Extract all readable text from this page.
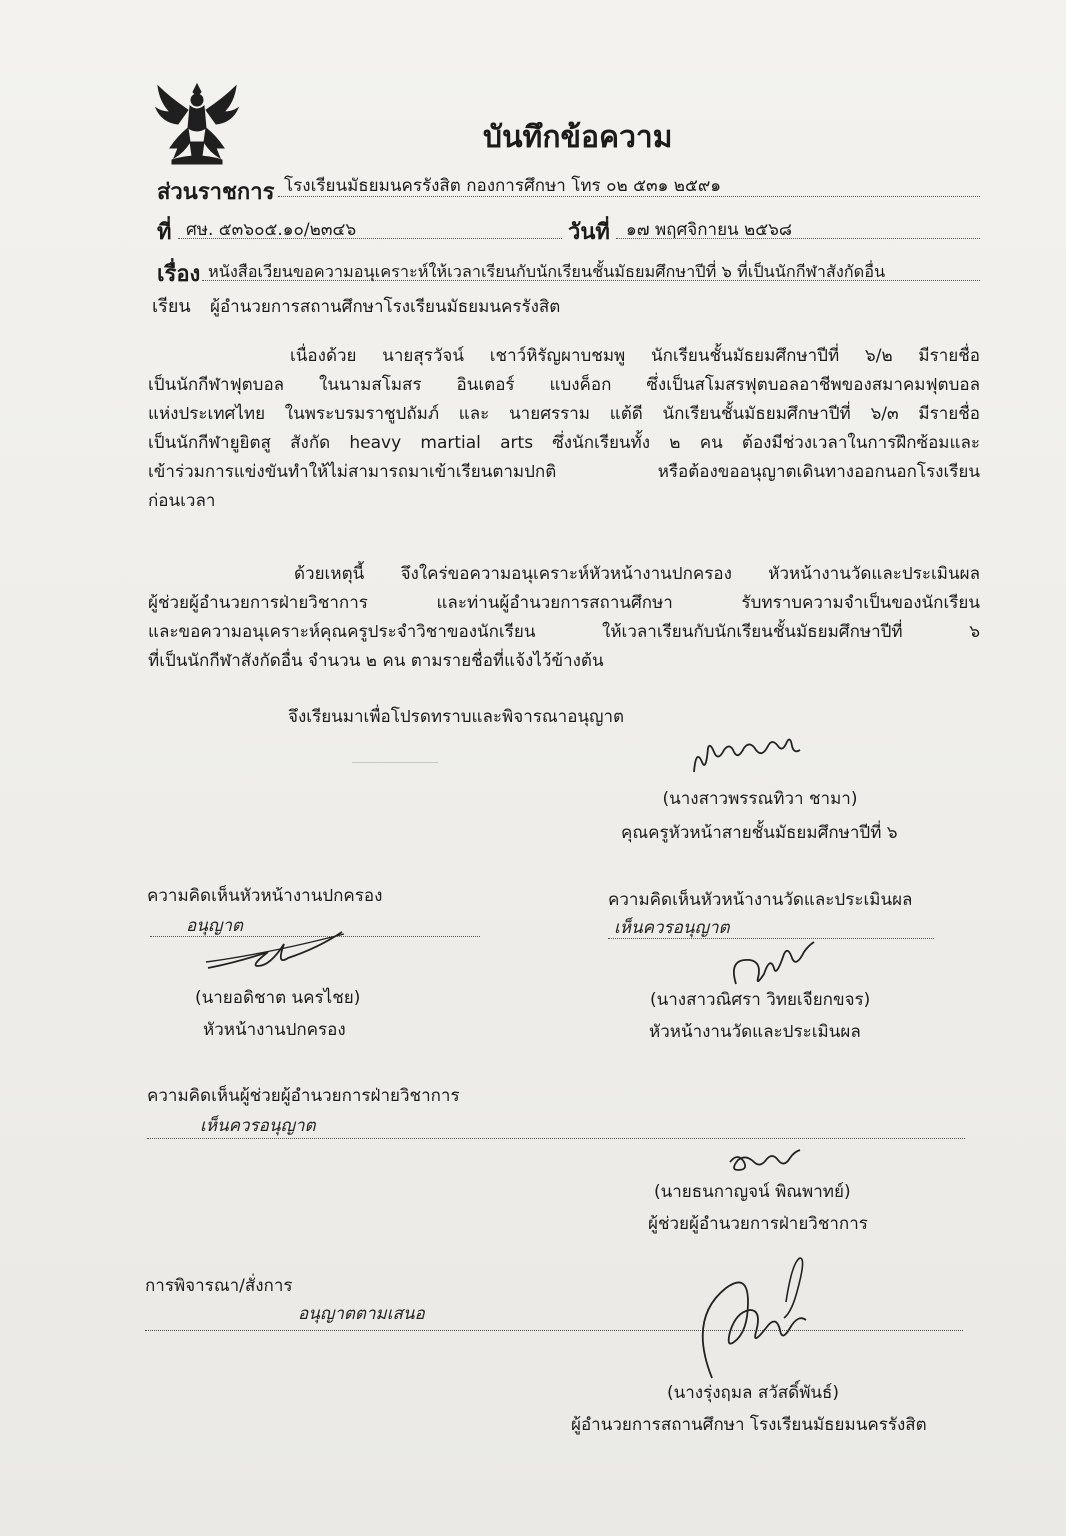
บันทึกข้อความ
ส่วนราชการ โรงเรียนมัธยมนครรังสิต กองการศึกษา โทร ๐๒ ๕๓๑ ๒๕๙๑
ที่ ศษ. ๕๓๖๐๕.๑๐/๒๓๔๖	วันที่ ๑๗ พฤศจิกายน ๒๕๖๘
เรื่อง หนังสือเวียนขอความอนุเคราะห์ให้เวลาเรียนกับนักเรียนชั้นมัธยมศึกษาปีที่ ๖ ที่เป็นนักกีฬาสังกัดอื่น
เรียน ผู้อำนวยการสถานศึกษาโรงเรียนมัธยมนครรังสิต
เนื่องด้วย นายสุรวัจน์ เชาว์หิรัญผาบชมพู นักเรียนชั้นมัธยมศึกษาปีที่ ๖/๒ มีรายชื่อ
เป็นนักกีฬาฟุตบอล ในนามสโมสร อินเตอร์ แบงค็อก ซึ่งเป็นสโมสรฟุตบอลอาชีพของสมาคมฟุตบอล
แห่งประเทศไทย ในพระบรมราชูปถัมภ์ และ นายศรราม แต้ดี นักเรียนชั้นมัธยมศึกษาปีที่ ๖/๓ มีรายชื่อ
เป็นนักกีฬายูยิตสู สังกัด heavy martial arts ซึ่งนักเรียนทั้ง ๒ คน ต้องมีช่วงเวลาในการฝึกซ้อมและ
เข้าร่วมการแข่งขันทำให้ไม่สามารถมาเข้าเรียนตามปกติ หรือต้องขออนุญาตเดินทางออกนอกโรงเรียน
ก่อนเวลา
ด้วยเหตุนี้ จึงใคร่ขอความอนุเคราะห์หัวหน้างานปกครอง หัวหน้างานวัดและประเมินผล
ผู้ช่วยผู้อำนวยการฝ่ายวิชาการ และท่านผู้อำนวยการสถานศึกษา รับทราบความจำเป็นของนักเรียน
และขอความอนุเคราะห์คุณครูประจำวิชาของนักเรียน ให้เวลาเรียนกับนักเรียนชั้นมัธยมศึกษาปีที่ ๖
ที่เป็นนักกีฬาสังกัดอื่น จำนวน ๒ คน ตามรายชื่อที่แจ้งไว้ข้างต้น
จึงเรียนมาเพื่อโปรดทราบและพิจารณาอนุญาต
(นางสาวพรรณทิวา ชามา)
คุณครูหัวหน้าสายชั้นมัธยมศึกษาปีที่ ๖
ความคิดเห็นหัวหน้างานปกครอง
อนุญาต
(นายอดิชาต นครไชย)
หัวหน้างานปกครอง
ความคิดเห็นหัวหน้างานวัดและประเมินผล
เห็นควรอนุญาต
(นางสาวณิศรา วิทยเจียกขจร)
หัวหน้างานวัดและประเมินผล
ความคิดเห็นผู้ช่วยผู้อำนวยการฝ่ายวิชาการ
เห็นควรอนุญาต
(นายธนกาญจน์ พิณพาทย์)
ผู้ช่วยผู้อำนวยการฝ่ายวิชาการ
การพิจารณา/สั่งการ
อนุญาตตามเสนอ
(นางรุ่งฤมล สวัสดิ์พันธ์)
ผู้อำนวยการสถานศึกษา โรงเรียนมัธยมนครรังสิต
